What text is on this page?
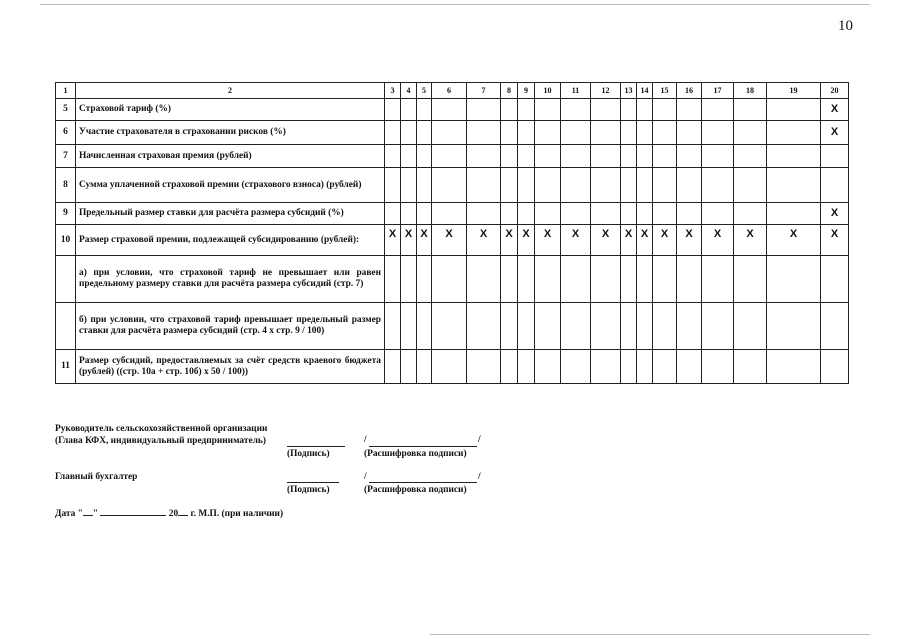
10
1	2	3	4	5	6	7	8	9	10	11	12	13	14	15	16	17	18	19	20
5	Страховой тариф (%)																		X
6	Участие страхователя в страховании рисков (%)																		X
7	Начисленная страховая премия (рублей)																		
8	Сумма уплаченной страховой премии (страхового взноса) (рублей)																		
9	Предельный размер ставки для расчёта размера субсидий (%)																		X
10	Размер страховой премии, подлежащей субсидированию (рублей):	X	X	X	X	X	X	X	X	X	X	X	X	X	X	X	X	X	X
	а) при условии, что страховой тариф не превышает или равен предельному размеру ставки для расчёта размера субсидий (стр. 7)																		
	б) при условии, что страховой тариф превышает предельный размер ставки для расчёта размера субсидий (стр. 4 х стр. 9 / 100)																		
11	Размер субсидий, предоставляемых за счёт средств краевого бюджета (рублей) ((стр. 10а + стр. 10б) х 50 / 100))																		
Руководитель сельскохозяйственной организации
(Глава КФХ, индивидуальный предприниматель)	/	/
(Подпись)	(Расшифровка подписи)
Главный бухгалтер	/	/
(Подпись)	(Расшифровка подписи)
Дата " "	20 г. М.П. (при наличии)
